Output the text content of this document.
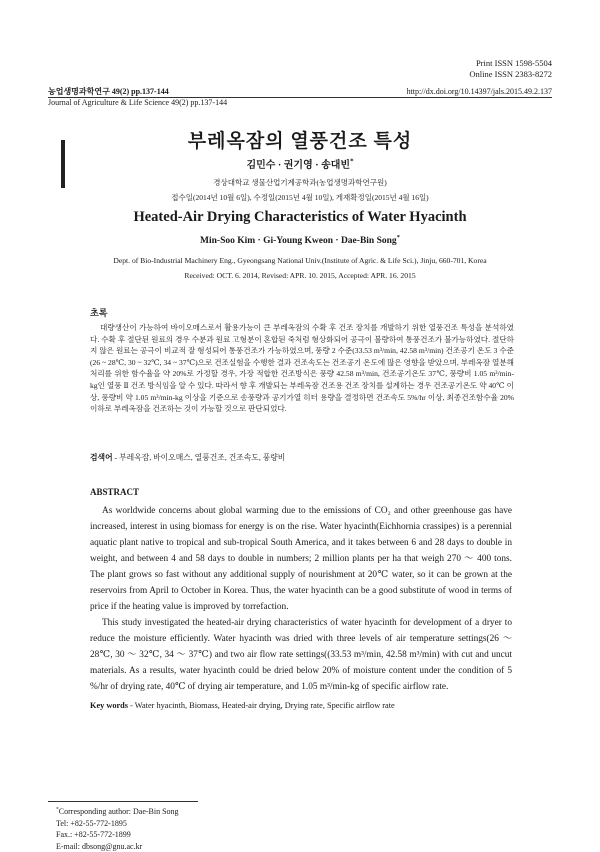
Print ISSN 1598-5504
Online ISSN 2383-8272
농업생명과학연구 49(2) pp.137-144	http://dx.doi.org/10.14397/jals.2015.49.2.137
Journal of Agriculture & Life Science 49(2) pp.137-144
부레옥잠의 열풍건조 특성
김민수 · 권기영 · 송대빈*
경상대학교 생물산업기계공학과(농업생명과학연구원)
접수일(2014년 10월 6일), 수정일(2015년 4월 10일), 게재확정일(2015년 4월 16일)
Heated-Air Drying Characteristics of Water Hyacinth
Min-Soo Kim · Gi-Young Kweon · Dae-Bin Song*
Dept. of Bio-Industrial Machinery Eng., Gyeongsang National Univ.(Institute of Agric. & Life Sci.), Jinju, 660-701, Korea
Received: OCT. 6. 2014, Revised: APR. 10. 2015, Accepted: APR. 16. 2015
초록

대량생산이 가능하여 바이오매스로서 활용가능이 큰 부레옥잠의 수확 후 건조 장치를 개발하기 위한 열풍건조 특성을 분석하였다. 수확 후 절단된 원료의 경우 수분과 원료 고형분이 혼합된 죽처럼 형상화되어 공극이 불량하여 통풍건조가 불가능하였다. 절단하지 않은 원료는 공극이 비교적 잘 형성되어 통풍건조가 가능하였으며, 풍량 2 수준(33.53 m³/min, 42.58 m³/min) 건조공기 온도 3 수준(26 ~ 28℃, 30 ~ 32℃, 34 ~ 37℃)으로 건조실험을 수행한 결과 건조속도는 건조공기 온도에 많은 영향을 받았으며, 부레옥잠 열분해 처리를 위한 함수율을 약 20%로 가정할 경우, 가장 적합한 건조방식은 풍량 42.58 m³/min, 건조공기온도 37℃, 풍량비 1.05 m³/min-kg인 열풍 Ⅱ 건조 방식임을 알 수 있다. 따라서 향 후 개발되는 부레옥잠 건조용 건조 장치를 설계하는 경우 건조공기온도 약 40℃ 이상, 풍량비 약 1.05 m³/min-kg 이상을 기준으로 송풍량과 공기가열 히터 용량을 결정하면 건조속도 5%/hr 이상, 최종건조함수율 20% 이하로 부레옥잠을 건조하는 것이 가능할 것으로 판단되었다.

검색어 - 부레옥잠, 바이오매스, 열풍건조, 건조속도, 풍량비
ABSTRACT

As worldwide concerns about global warming due to the emissions of CO₂ and other greenhouse gas have increased, interest in using biomass for energy is on the rise. Water hyacinth(Eichhornia crassipes) is a perennial aquatic plant native to tropical and sub-tropical South America, and it takes between 6 and 28 days to double in weight, and between 4 and 58 days to double in numbers; 2 million plants per ha that weigh 270 ～ 400 tons. The plant grows so fast without any additional supply of nourishment at 20℃ water, so it can be grown at the reservoirs from April to October in Korea. Thus, the water hyacinth can be a good substitute of wood in terms of price if the heating value is improved by torrefaction.

This study investigated the heated-air drying characteristics of water hyacinth for development of a dryer to reduce the moisture efficiently. Water hyacinth was dried with three levels of air temperature settings(26 ～ 28℃, 30 ～ 32℃, 34 ～ 37℃) and two air flow rate settings((33.53 m³/min, 42.58 m³/min) with cut and uncut materials. As a results, water hyacinth could be dried below 20% of moisture content under the condition of 5 %/hr of drying rate, 40℃ of drying air temperature, and 1.05 m³/min-kg of specific airflow rate.

Key words - Water hyacinth, Biomass, Heated-air drying, Drying rate, Specific airflow rate
*Corresponding author: Dae-Bin Song
Tel: +82-55-772-1895
Fax.: +82-55-772-1899
E-mail: dbsong@gnu.ac.kr
